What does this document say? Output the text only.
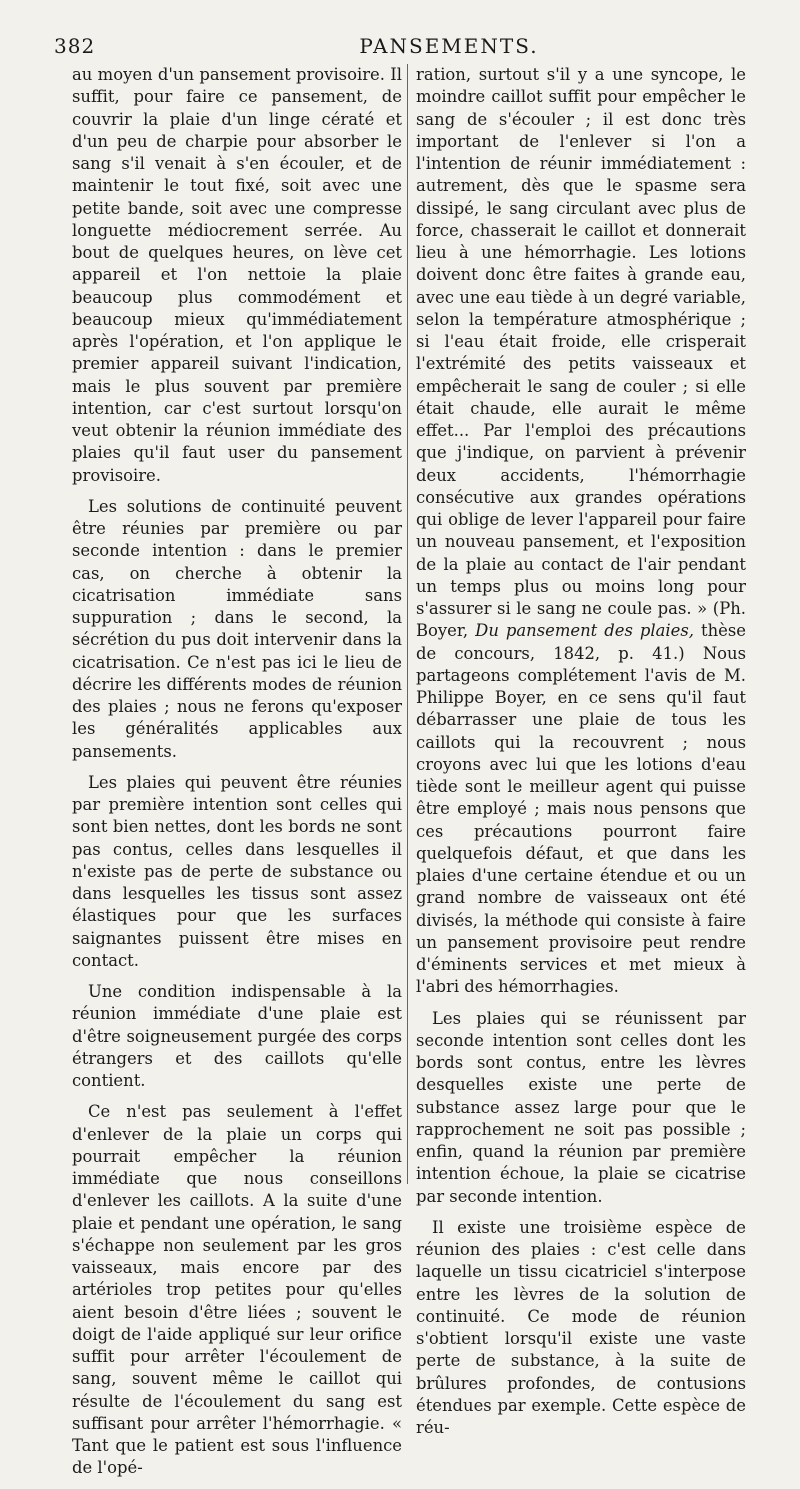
382	PANSEMENTS.

au moyen d'un pansement provisoire. Il suffit, pour faire ce pansement, de couvrir la plaie d'un linge cératé et d'un peu de charpie pour absorber le sang s'il venait à s'en écouler, et de maintenir le tout fixé, soit avec une petite bande, soit avec une compresse longuette médiocrement serrée. Au bout de quelques heures, on lève cet appareil et l'on nettoie la plaie beaucoup plus commodément et beaucoup mieux qu'immédiatement après l'opération, et l'on applique le premier appareil suivant l'indication, mais le plus souvent par première intention, car c'est surtout lorsqu'on veut obtenir la réunion immédiate des plaies qu'il faut user du pansement provisoire.

Les solutions de continuité peuvent être réunies par première ou par seconde intention : dans le premier cas, on cherche à obtenir la cicatrisation immédiate sans suppuration ; dans le second, la sécrétion du pus doit intervenir dans la cicatrisation. Ce n'est pas ici le lieu de décrire les différents modes de réunion des plaies ; nous ne ferons qu'exposer les généralités applicables aux pansements.

Les plaies qui peuvent être réunies par première intention sont celles qui sont bien nettes, dont les bords ne sont pas contus, celles dans lesquelles il n'existe pas de perte de substance ou dans lesquelles les tissus sont assez élastiques pour que les surfaces saignantes puissent être mises en contact.

Une condition indispensable à la réunion immédiate d'une plaie est d'être soigneusement purgée des corps étrangers et des caillots qu'elle contient.

Ce n'est pas seulement à l'effet d'enlever de la plaie un corps qui pourrait empêcher la réunion immédiate que nous conseillons d'enlever les caillots. A la suite d'une plaie et pendant une opération, le sang s'échappe non seulement par les gros vaisseaux, mais encore par des artérioles trop petites pour qu'elles aient besoin d'être liées ; souvent le doigt de l'aide appliqué sur leur orifice suffit pour arrêter l'écoulement de sang, souvent même le caillot qui résulte de l'écoulement du sang est suffisant pour arrêter l'hémorrhagie. « Tant que le patient est sous l'influence de l'opé-

ration, surtout s'il y a une syncope, le moindre caillot suffit pour empêcher le sang de s'écouler ; il est donc très important de l'enlever si l'on a l'intention de réunir immédiatement : autrement, dès que le spasme sera dissipé, le sang circulant avec plus de force, chasserait le caillot et donnerait lieu à une hémorrhagie. Les lotions doivent donc être faites à grande eau, avec une eau tiède à un degré variable, selon la température atmosphérique ; si l'eau était froide, elle crisperait l'extrémité des petits vaisseaux et empêcherait le sang de couler ; si elle était chaude, elle aurait le même effet... Par l'emploi des précautions que j'indique, on parvient à prévenir deux accidents, l'hémorrhagie consécutive aux grandes opérations qui oblige de lever l'appareil pour faire un nouveau pansement, et l'exposition de la plaie au contact de l'air pendant un temps plus ou moins long pour s'assurer si le sang ne coule pas. » (Ph. Boyer, Du pansement des plaies, thèse de concours, 1842, p. 41.) Nous partageons complétement l'avis de M. Philippe Boyer, en ce sens qu'il faut débarrasser une plaie de tous les caillots qui la recouvrent ; nous croyons avec lui que les lotions d'eau tiède sont le meilleur agent qui puisse être employé ; mais nous pensons que ces précautions pourront faire quelquefois défaut, et que dans les plaies d'une certaine étendue et ou un grand nombre de vaisseaux ont été divisés, la méthode qui consiste à faire un pansement provisoire peut rendre d'éminents services et met mieux à l'abri des hémorrhagies.

Les plaies qui se réunissent par seconde intention sont celles dont les bords sont contus, entre les lèvres desquelles existe une perte de substance assez large pour que le rapprochement ne soit pas possible ; enfin, quand la réunion par première intention échoue, la plaie se cicatrise par seconde intention.

Il existe une troisième espèce de réunion des plaies : c'est celle dans laquelle un tissu cicatriciel s'interpose entre les lèvres de la solution de continuité. Ce mode de réunion s'obtient lorsqu'il existe une vaste perte de substance, à la suite de brûlures profondes, de contusions étendues par exemple. Cette espèce de réu-
